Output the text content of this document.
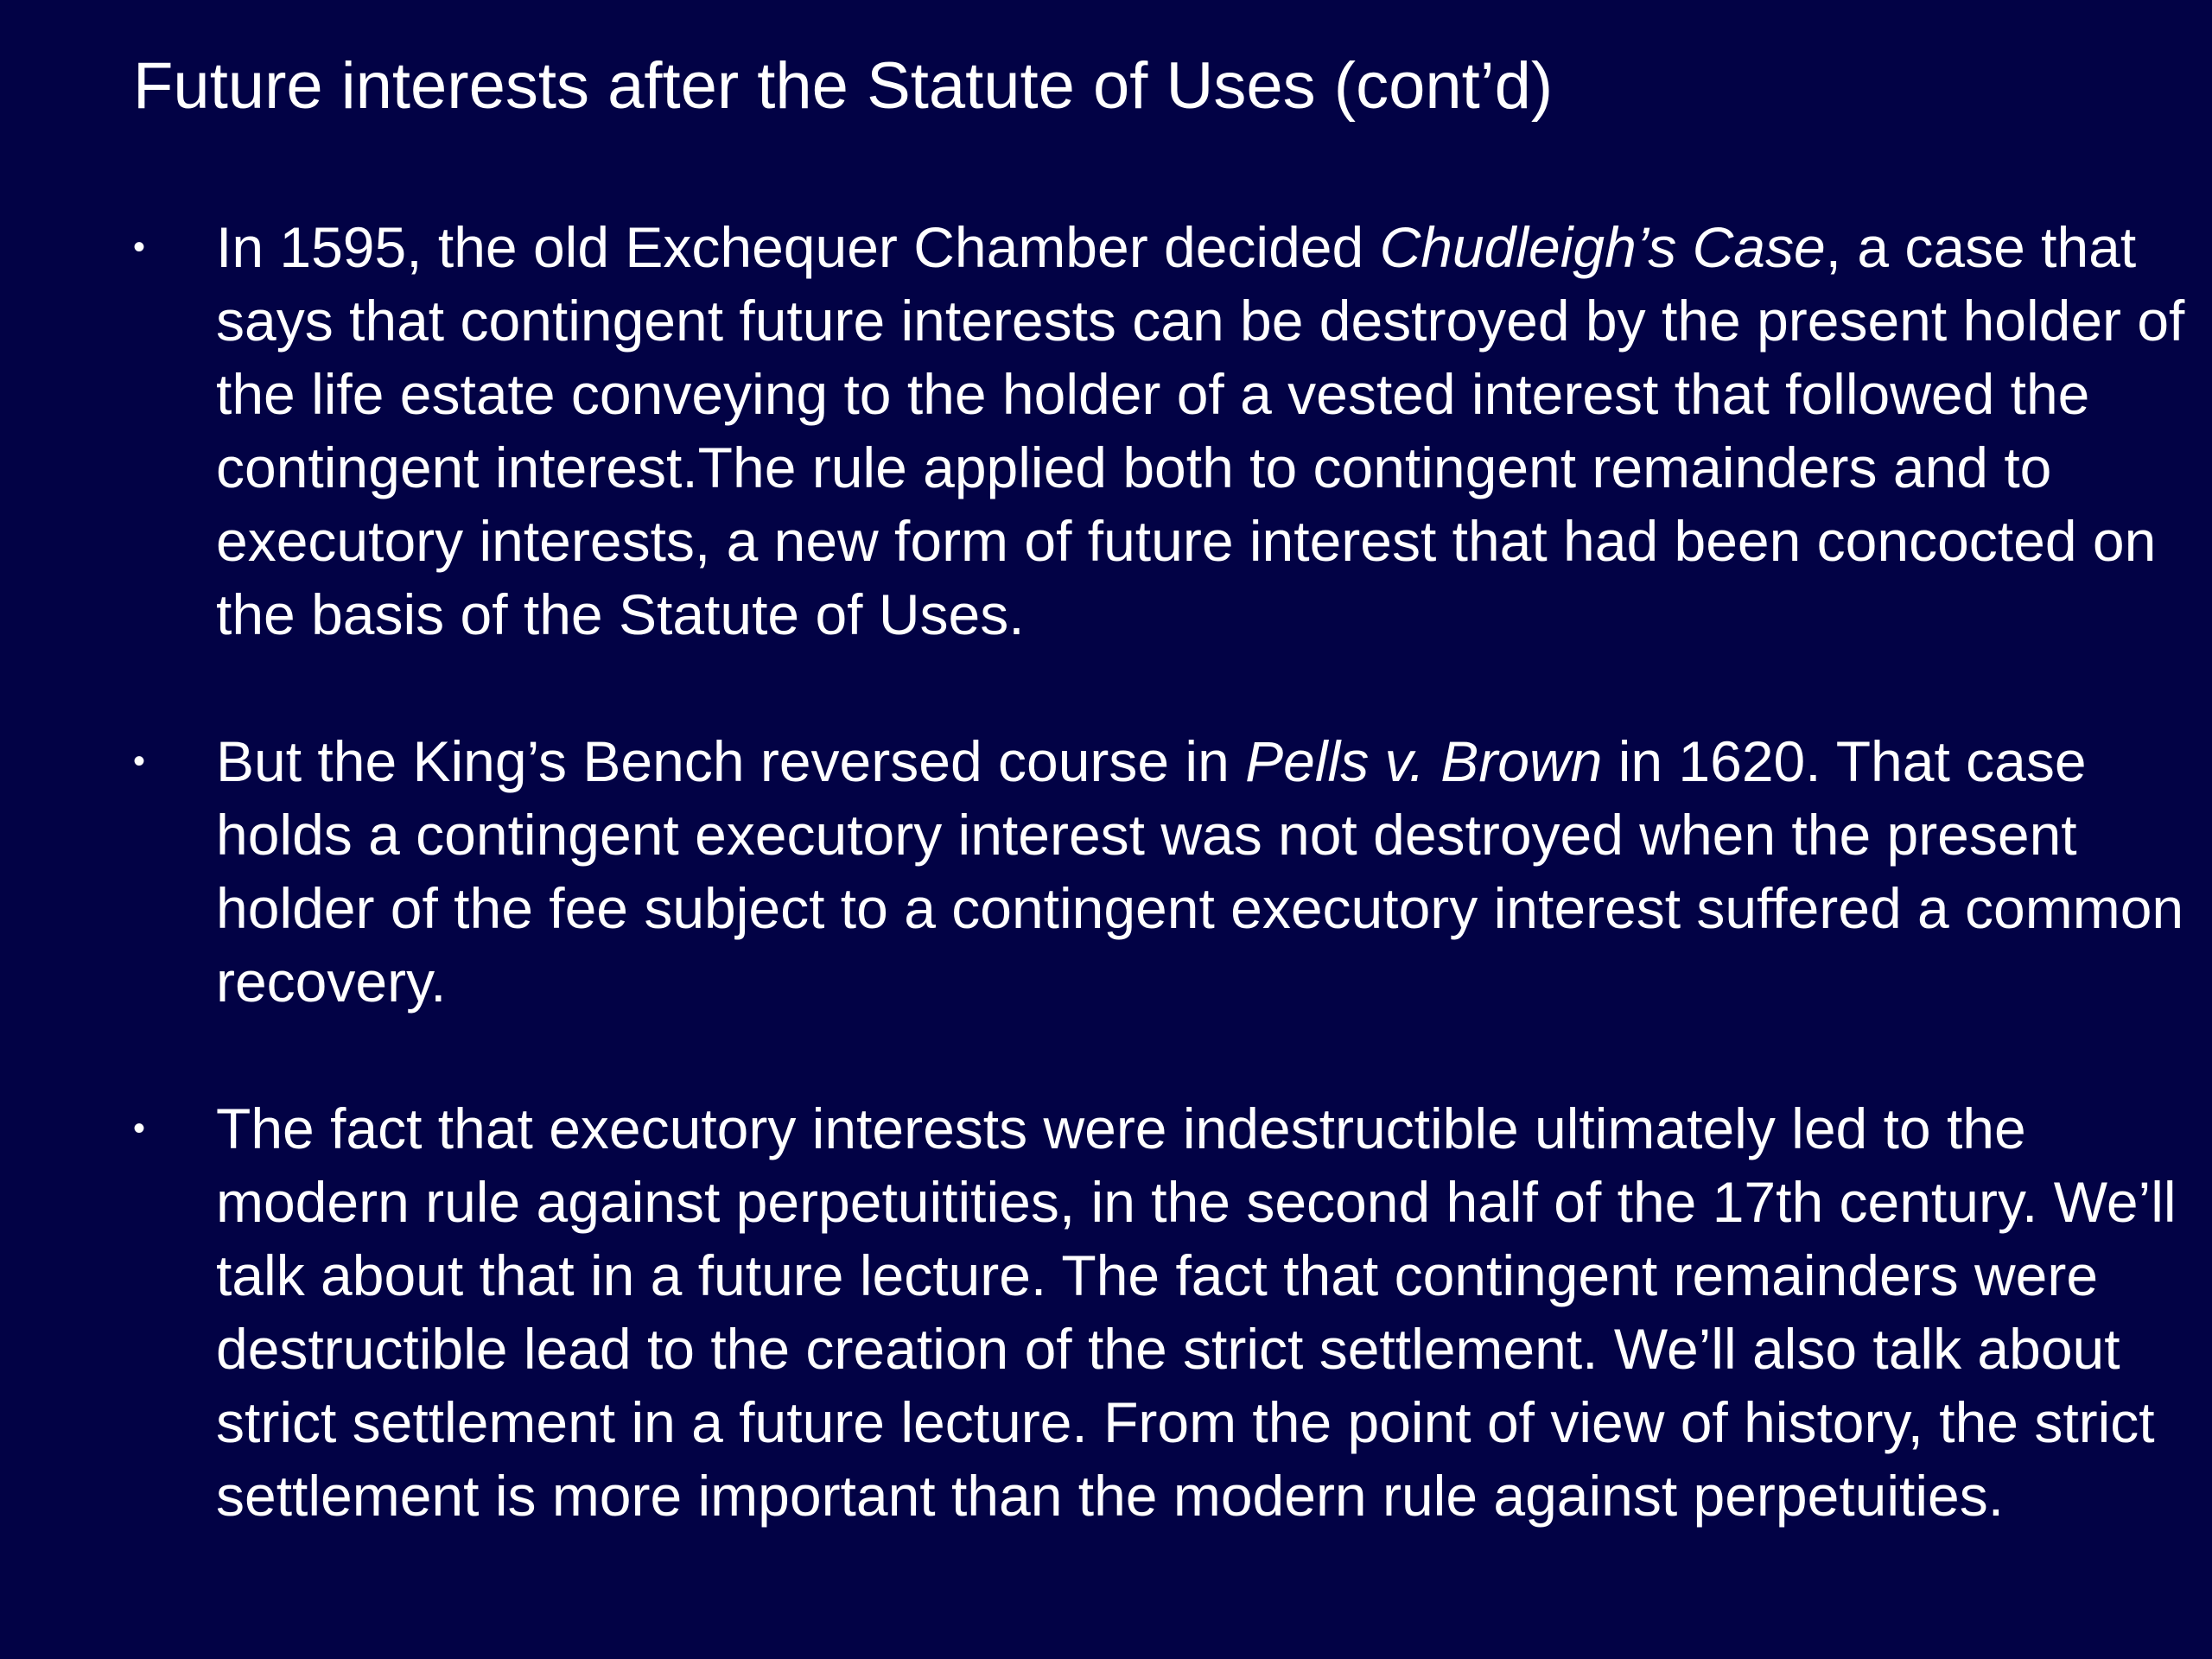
Future interests after the Statute of Uses (cont’d)
•	In 1595, the old Exchequer Chamber decided Chudleigh’s Case, a case that says that contingent future interests can be destroyed by the present holder of the life estate conveying to the holder of a vested interest that followed the contingent interest.The rule applied both to contingent remainders and to executory interests, a new form of future interest that had been concocted on the basis of the Statute of Uses.
•	But the King’s Bench reversed course in Pells v. Brown in 1620. That case holds a contingent executory interest was not destroyed when the present holder of the fee subject to a contingent executory interest suffered a common recovery.
•	The fact that executory interests were indestructible ultimately led to the modern rule against perpetuitities, in the second half of the 17th century. We’ll talk about that in a future lecture. The fact that contingent remainders were destructible lead to the creation of the strict settlement. We’ll also talk about strict settlement in a future lecture. From the point of view of history, the strict settlement is more important than the modern rule against perpetuities.
